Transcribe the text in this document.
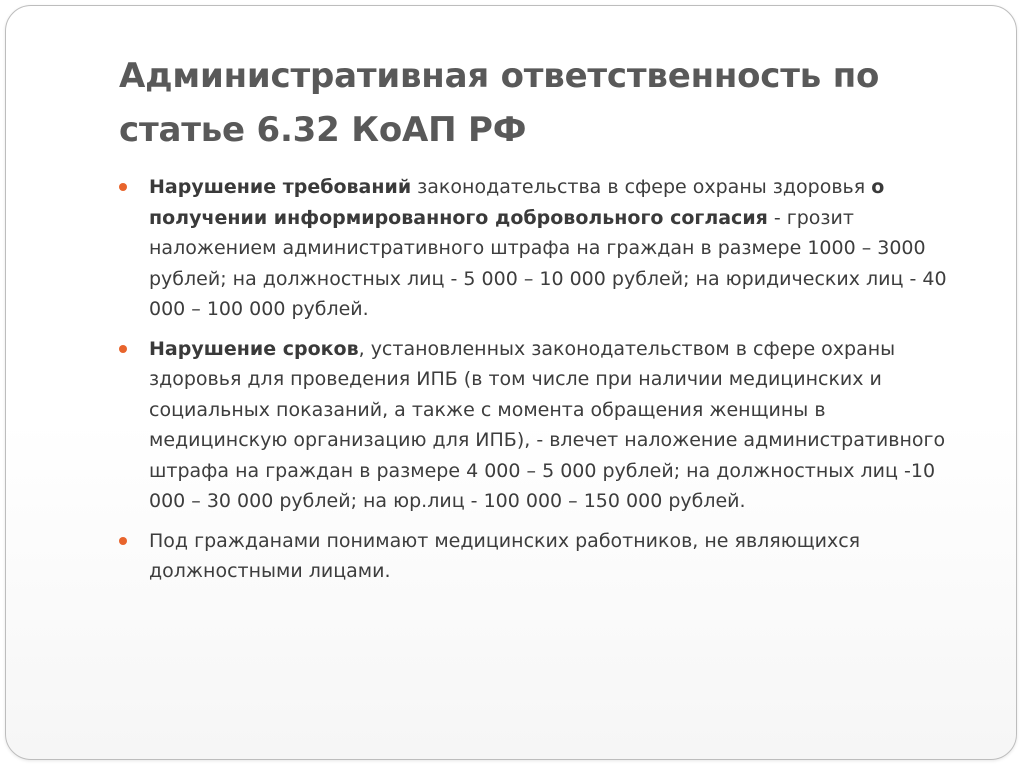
Административная ответственность по статье 6.32 КоАП РФ
Нарушение требований законодательства в сфере охраны здоровья о получении информированного добровольного согласия - грозит наложением административного штрафа на граждан в размере 1000 – 3000 рублей; на должностных лиц - 5 000 – 10 000 рублей; на юридических лиц - 40 000 – 100 000 рублей.
Нарушение сроков, установленных законодательством в сфере охраны здоровья для проведения ИПБ (в том числе при наличии медицинских и социальных показаний, а также с момента обращения женщины в медицинскую организацию для ИПБ), - влечет наложение административного штрафа на граждан в размере 4 000 – 5 000 рублей; на должностных лиц -10 000 – 30 000 рублей; на юр.лиц - 100 000 – 150 000 рублей.
Под гражданами понимают медицинских работников, не являющихся должностными лицами.
